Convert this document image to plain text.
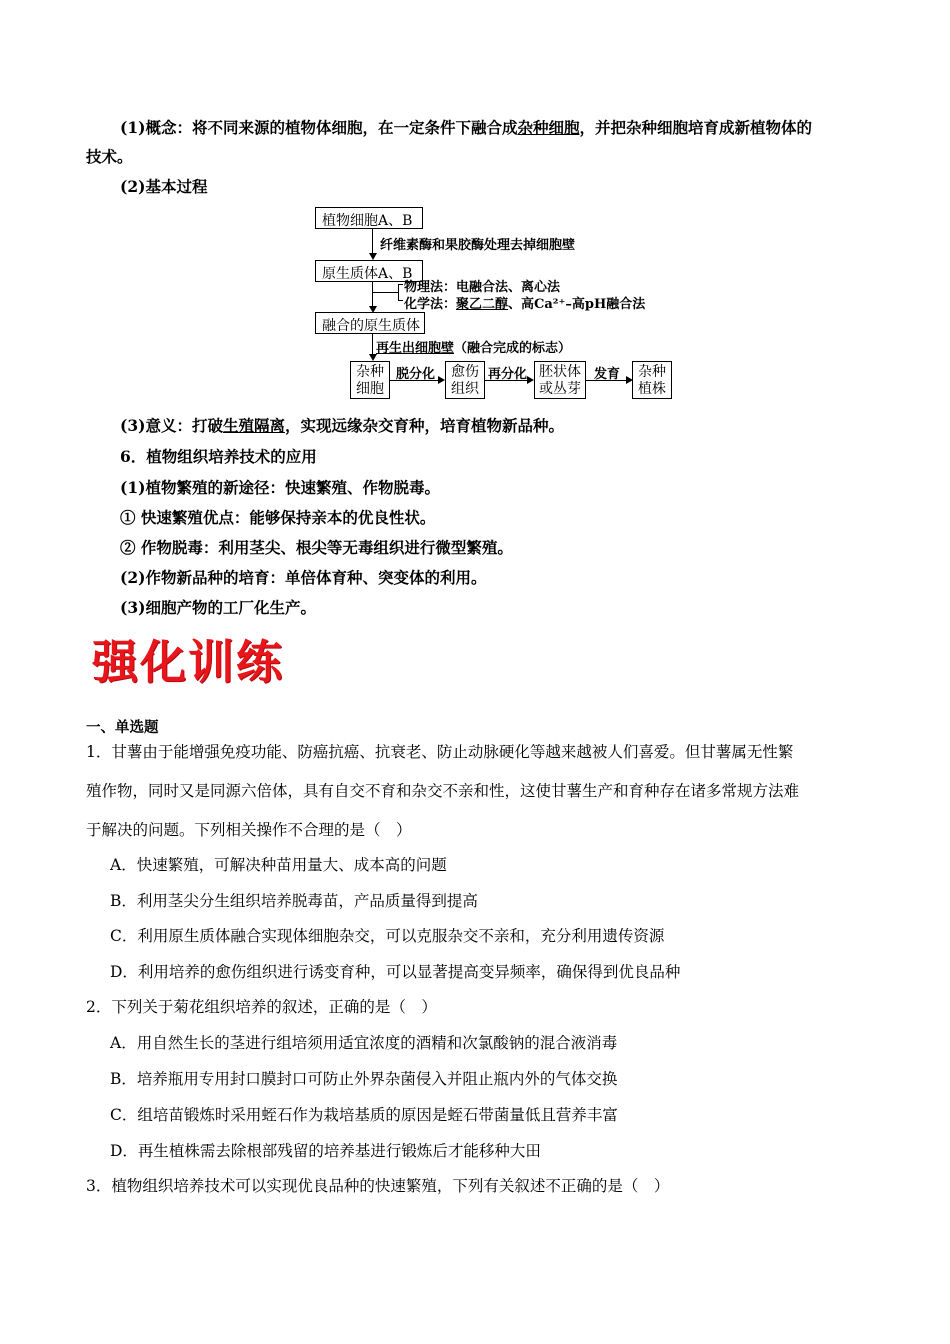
(1)概念：将不同来源的植物体细胞，在一定条件下融合成杂种细胞，并把杂种细胞培育成新植物体的
技术。
(2)基本过程
植物细胞A、B
纤维素酶和果胶酶处理去掉细胞壁
原生质体A、B
物理法：电融合法、离心法
化学法：聚乙二醇、高Ca²⁺–高pH融合法
融合的原生质体
再生出细胞壁（融合完成的标志）
杂种
细胞
脱分化	愈伤
组织
再分化 胚状体
或丛芽
发育	杂种
植株
(3)意义：打破生殖隔离，实现远缘杂交育种，培育植物新品种。
6．植物组织培养技术的应用
(1)植物繁殖的新途径：快速繁殖、作物脱毒。
① 快速繁殖优点：能够保持亲本的优良性状。
② 作物脱毒：利用茎尖、根尖等无毒组织进行微型繁殖。
(2)作物新品种的培育：单倍体育种、突变体的利用。
(3)细胞产物的工厂化生产。
强化训练
一、单选题
1．甘薯由于能增强免疫功能、防癌抗癌、抗衰老、防止动脉硬化等越来越被人们喜爱。但甘薯属无性繁
殖作物，同时又是同源六倍体，具有自交不育和杂交不亲和性，这使甘薯生产和育种存在诸多常规方法难
于解决的问题。下列相关操作不合理的是（　）
A．快速繁殖，可解决种苗用量大、成本高的问题
B．利用茎尖分生组织培养脱毒苗，产品质量得到提高
C．利用原生质体融合实现体细胞杂交，可以克服杂交不亲和，充分利用遗传资源
D．利用培养的愈伤组织进行诱变育种，可以显著提高变异频率，确保得到优良品种
2．下列关于菊花组织培养的叙述，正确的是（　）
A．用自然生长的茎进行组培须用适宜浓度的酒精和次氯酸钠的混合液消毒
B．培养瓶用专用封口膜封口可防止外界杂菌侵入并阻止瓶内外的气体交换
C．组培苗锻炼时采用蛭石作为栽培基质的原因是蛭石带菌量低且营养丰富
D．再生植株需去除根部残留的培养基进行锻炼后才能移种大田
3．植物组织培养技术可以实现优良品种的快速繁殖，下列有关叙述不正确的是（　）
